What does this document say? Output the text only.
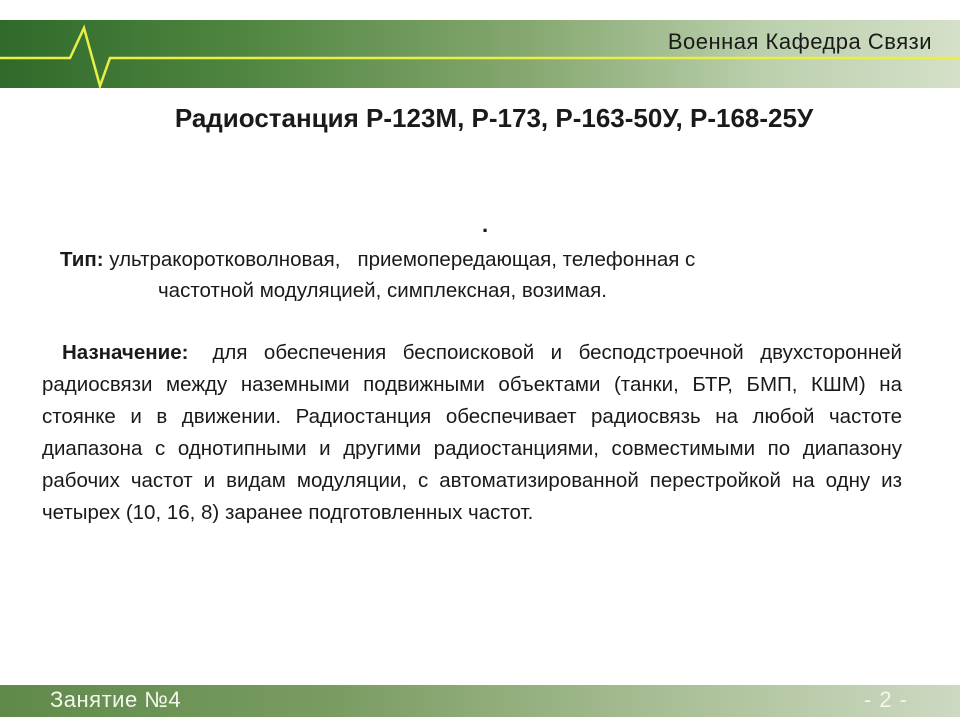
Военная Кафедра Связи
Радиостанция Р-123М, Р-173, Р-163-50У, Р-168-25У
.
Тип: ультракоротковолновая,   приемопередающая, телефонная с
частотной модуляцией, симплексная, возимая.
Назначение: для обеспечения беспоисковой и бесподстроечной двухсторонней радиосвязи между наземными подвижными объектами (танки, БТР, БМП, КШМ) на стоянке и в движении. Радиостанция обеспечивает радиосвязь на любой частоте диапазона с однотипными и другими радиостанциями, совместимыми по диапазону рабочих частот и видам модуляции, с автоматизированной перестройкой на одну из четырех (10, 16, 8) заранее подготовленных частот.
Занятие №4	- 2 -
